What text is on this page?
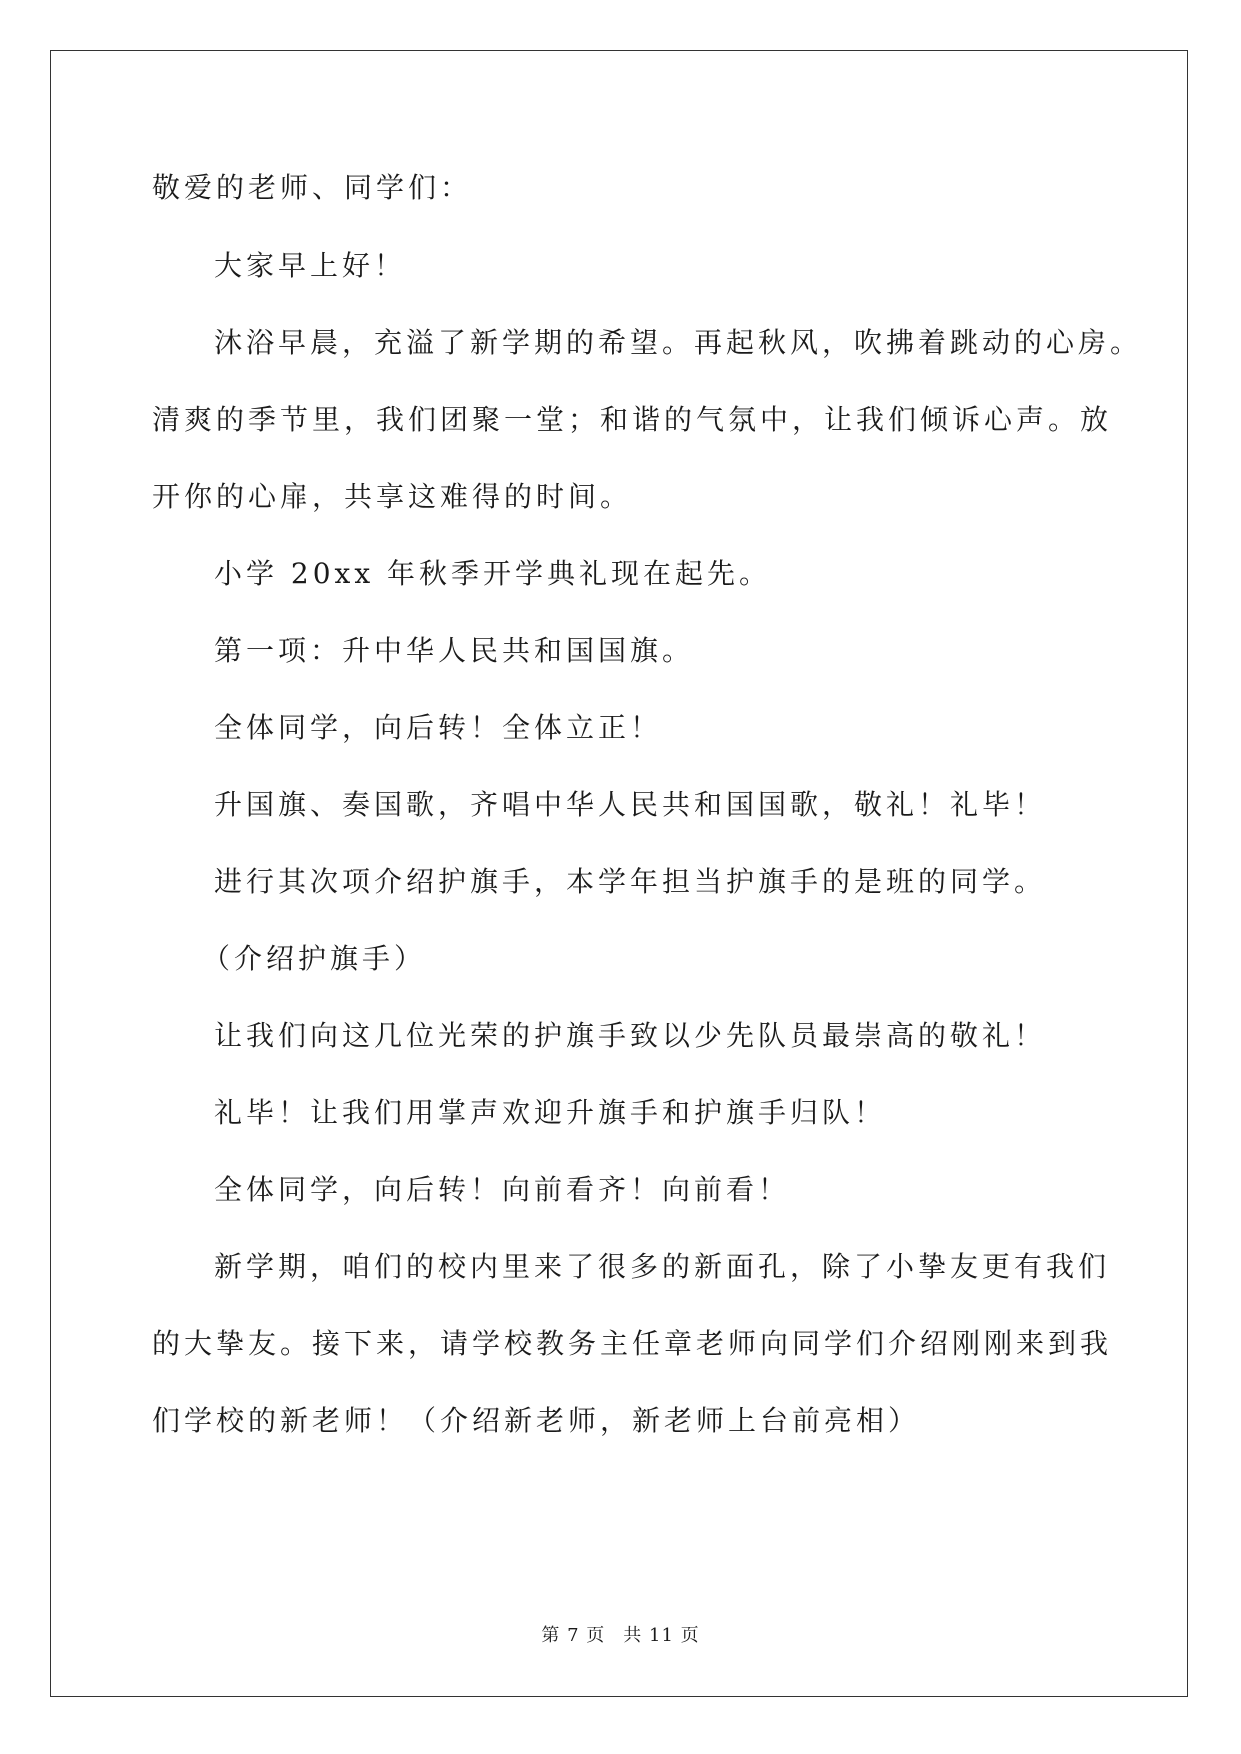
敬爱的老师、同学们：
大家早上好！
沐浴早晨，充溢了新学期的希望。再起秋风，吹拂着跳动的心房。
清爽的季节里，我们团聚一堂；和谐的气氛中，让我们倾诉心声。放
开你的心扉，共享这难得的时间。
小学 20xx 年秋季开学典礼现在起先。
第一项：升中华人民共和国国旗。
全体同学，向后转！全体立正！
升国旗、奏国歌，齐唱中华人民共和国国歌，敬礼！礼毕！
进行其次项介绍护旗手，本学年担当护旗手的是班的同学。
（介绍护旗手）
让我们向这几位光荣的护旗手致以少先队员最崇高的敬礼！
礼毕！让我们用掌声欢迎升旗手和护旗手归队！
全体同学，向后转！向前看齐！向前看！
新学期，咱们的校内里来了很多的新面孔，除了小挚友更有我们
的大挚友。接下来，请学校教务主任章老师向同学们介绍刚刚来到我
们学校的新老师！（介绍新老师，新老师上台前亮相）
第 7 页 共 11 页
